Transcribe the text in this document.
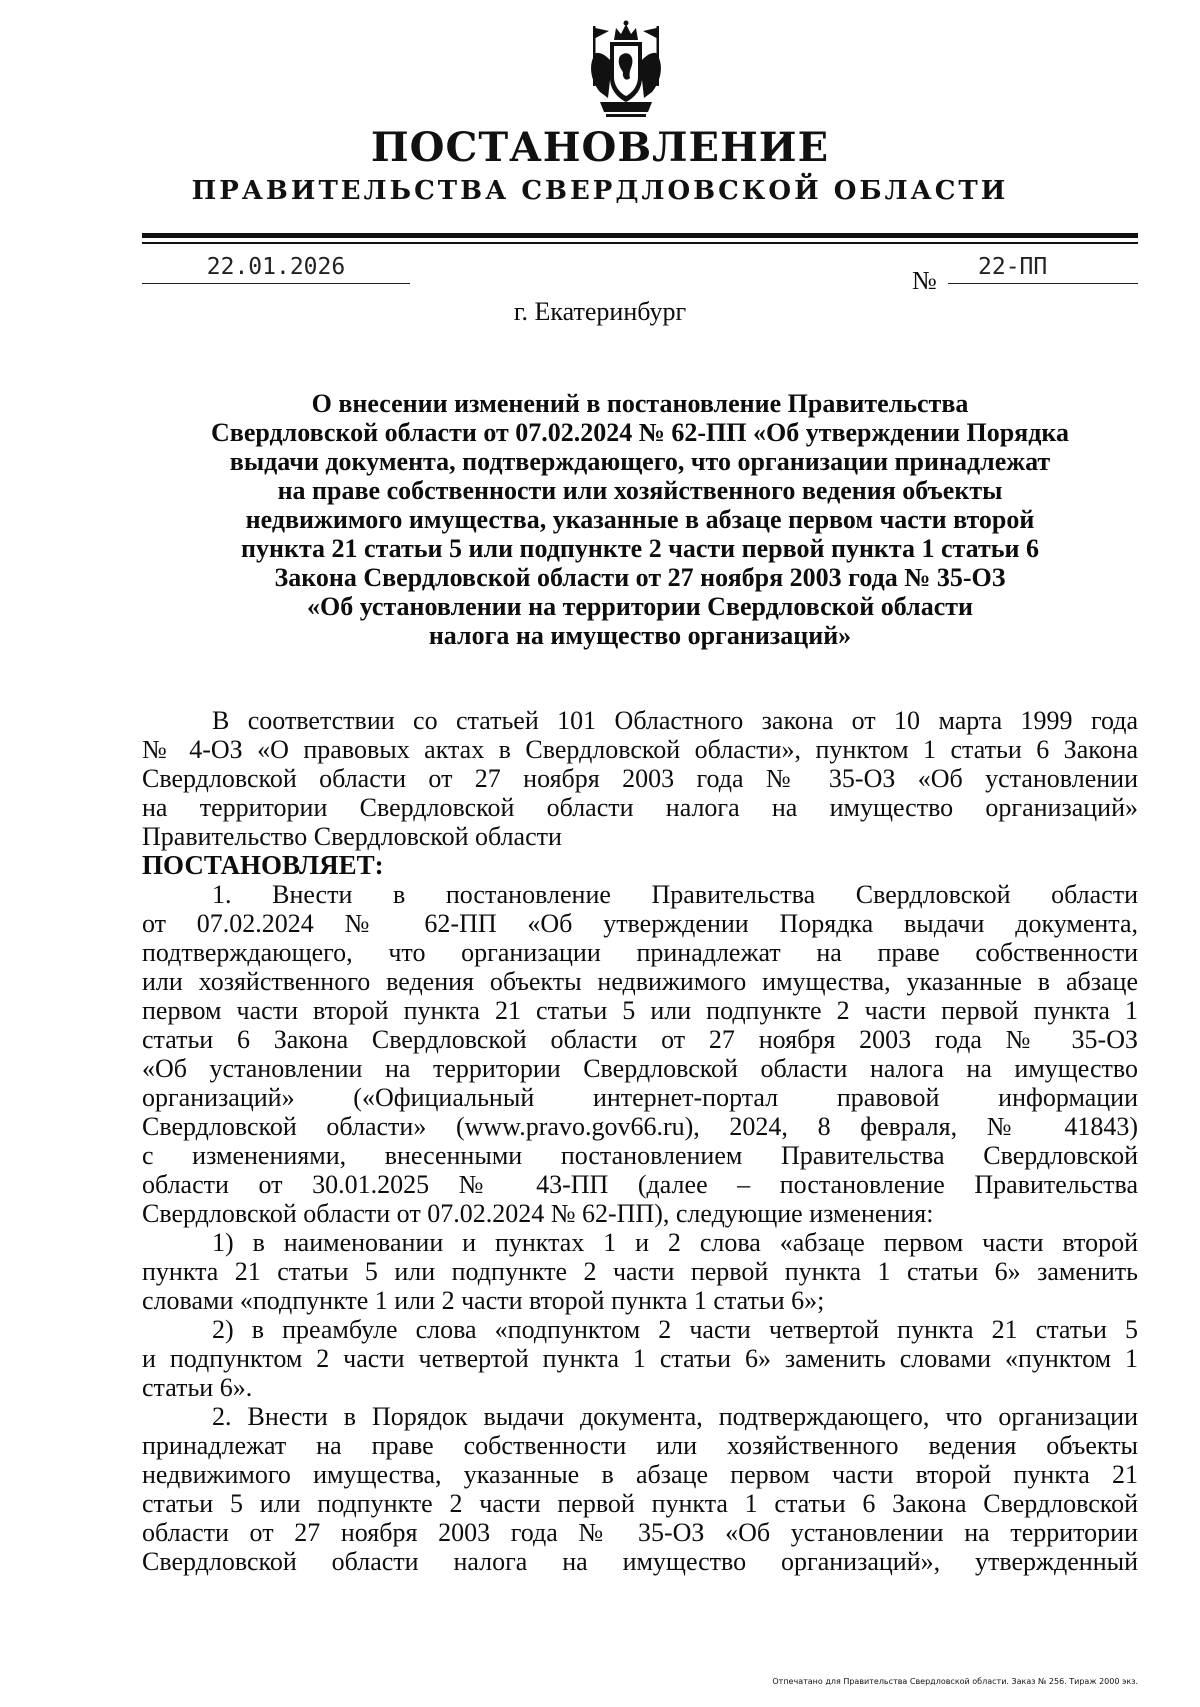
ПОСТАНОВЛЕНИЕ
ПРАВИТЕЛЬСТВА СВЕРДЛОВСКОЙ ОБЛАСТИ
22.01.2026	№	22-ПП
г. Екатеринбург
О внесении изменений в постановление Правительства
Свердловской области от 07.02.2024 № 62-ПП «Об утверждении Порядка
выдачи документа, подтверждающего, что организации принадлежат
на праве собственности или хозяйственного ведения объекты
недвижимого имущества, указанные в абзаце первом части второй
пункта 21 статьи 5 или подпункте 2 части первой пункта 1 статьи 6
Закона Свердловской области от 27 ноября 2003 года № 35-ОЗ
«Об установлении на территории Свердловской области
налога на имущество организаций»
В соответствии со статьей 101 Областного закона от 10 марта 1999 года
№ 4-ОЗ «О правовых актах в Свердловской области», пунктом 1 статьи 6 Закона
Свердловской области от 27 ноября 2003 года № 35-ОЗ «Об установлении
на территории Свердловской области налога на имущество организаций»
Правительство Свердловской области
ПОСТАНОВЛЯЕТ:
1. Внести в постановление Правительства Свердловской области
от 07.02.2024 № 62-ПП «Об утверждении Порядка выдачи документа,
подтверждающего, что организации принадлежат на праве собственности
или хозяйственного ведения объекты недвижимого имущества, указанные в абзаце
первом части второй пункта 21 статьи 5 или подпункте 2 части первой пункта 1
статьи 6 Закона Свердловской области от 27 ноября 2003 года № 35-ОЗ
«Об установлении на территории Свердловской области налога на имущество
организаций» («Официальный интернет-портал правовой информации
Свердловской области» (www.pravo.gov66.ru), 2024, 8 февраля, № 41843)
с изменениями, внесенными постановлением Правительства Свердловской
области от 30.01.2025 № 43-ПП (далее – постановление Правительства
Свердловской области от 07.02.2024 № 62-ПП), следующие изменения:
1) в наименовании и пунктах 1 и 2 слова «абзаце первом части второй
пункта 21 статьи 5 или подпункте 2 части первой пункта 1 статьи 6» заменить
словами «подпункте 1 или 2 части второй пункта 1 статьи 6»;
2) в преамбуле слова «подпунктом 2 части четвертой пункта 21 статьи 5
и подпунктом 2 части четвертой пункта 1 статьи 6» заменить словами «пунктом 1
статьи 6».
2. Внести в Порядок выдачи документа, подтверждающего, что организации
принадлежат на праве собственности или хозяйственного ведения объекты
недвижимого имущества, указанные в абзаце первом части второй пункта 21
статьи 5 или подпункте 2 части первой пункта 1 статьи 6 Закона Свердловской
области от 27 ноября 2003 года № 35-ОЗ «Об установлении на территории
Свердловской области налога на имущество организаций», утвержденный
Отпечатано для Правительства Свердловской области. Заказ № 256. Тираж 2000 экз.
